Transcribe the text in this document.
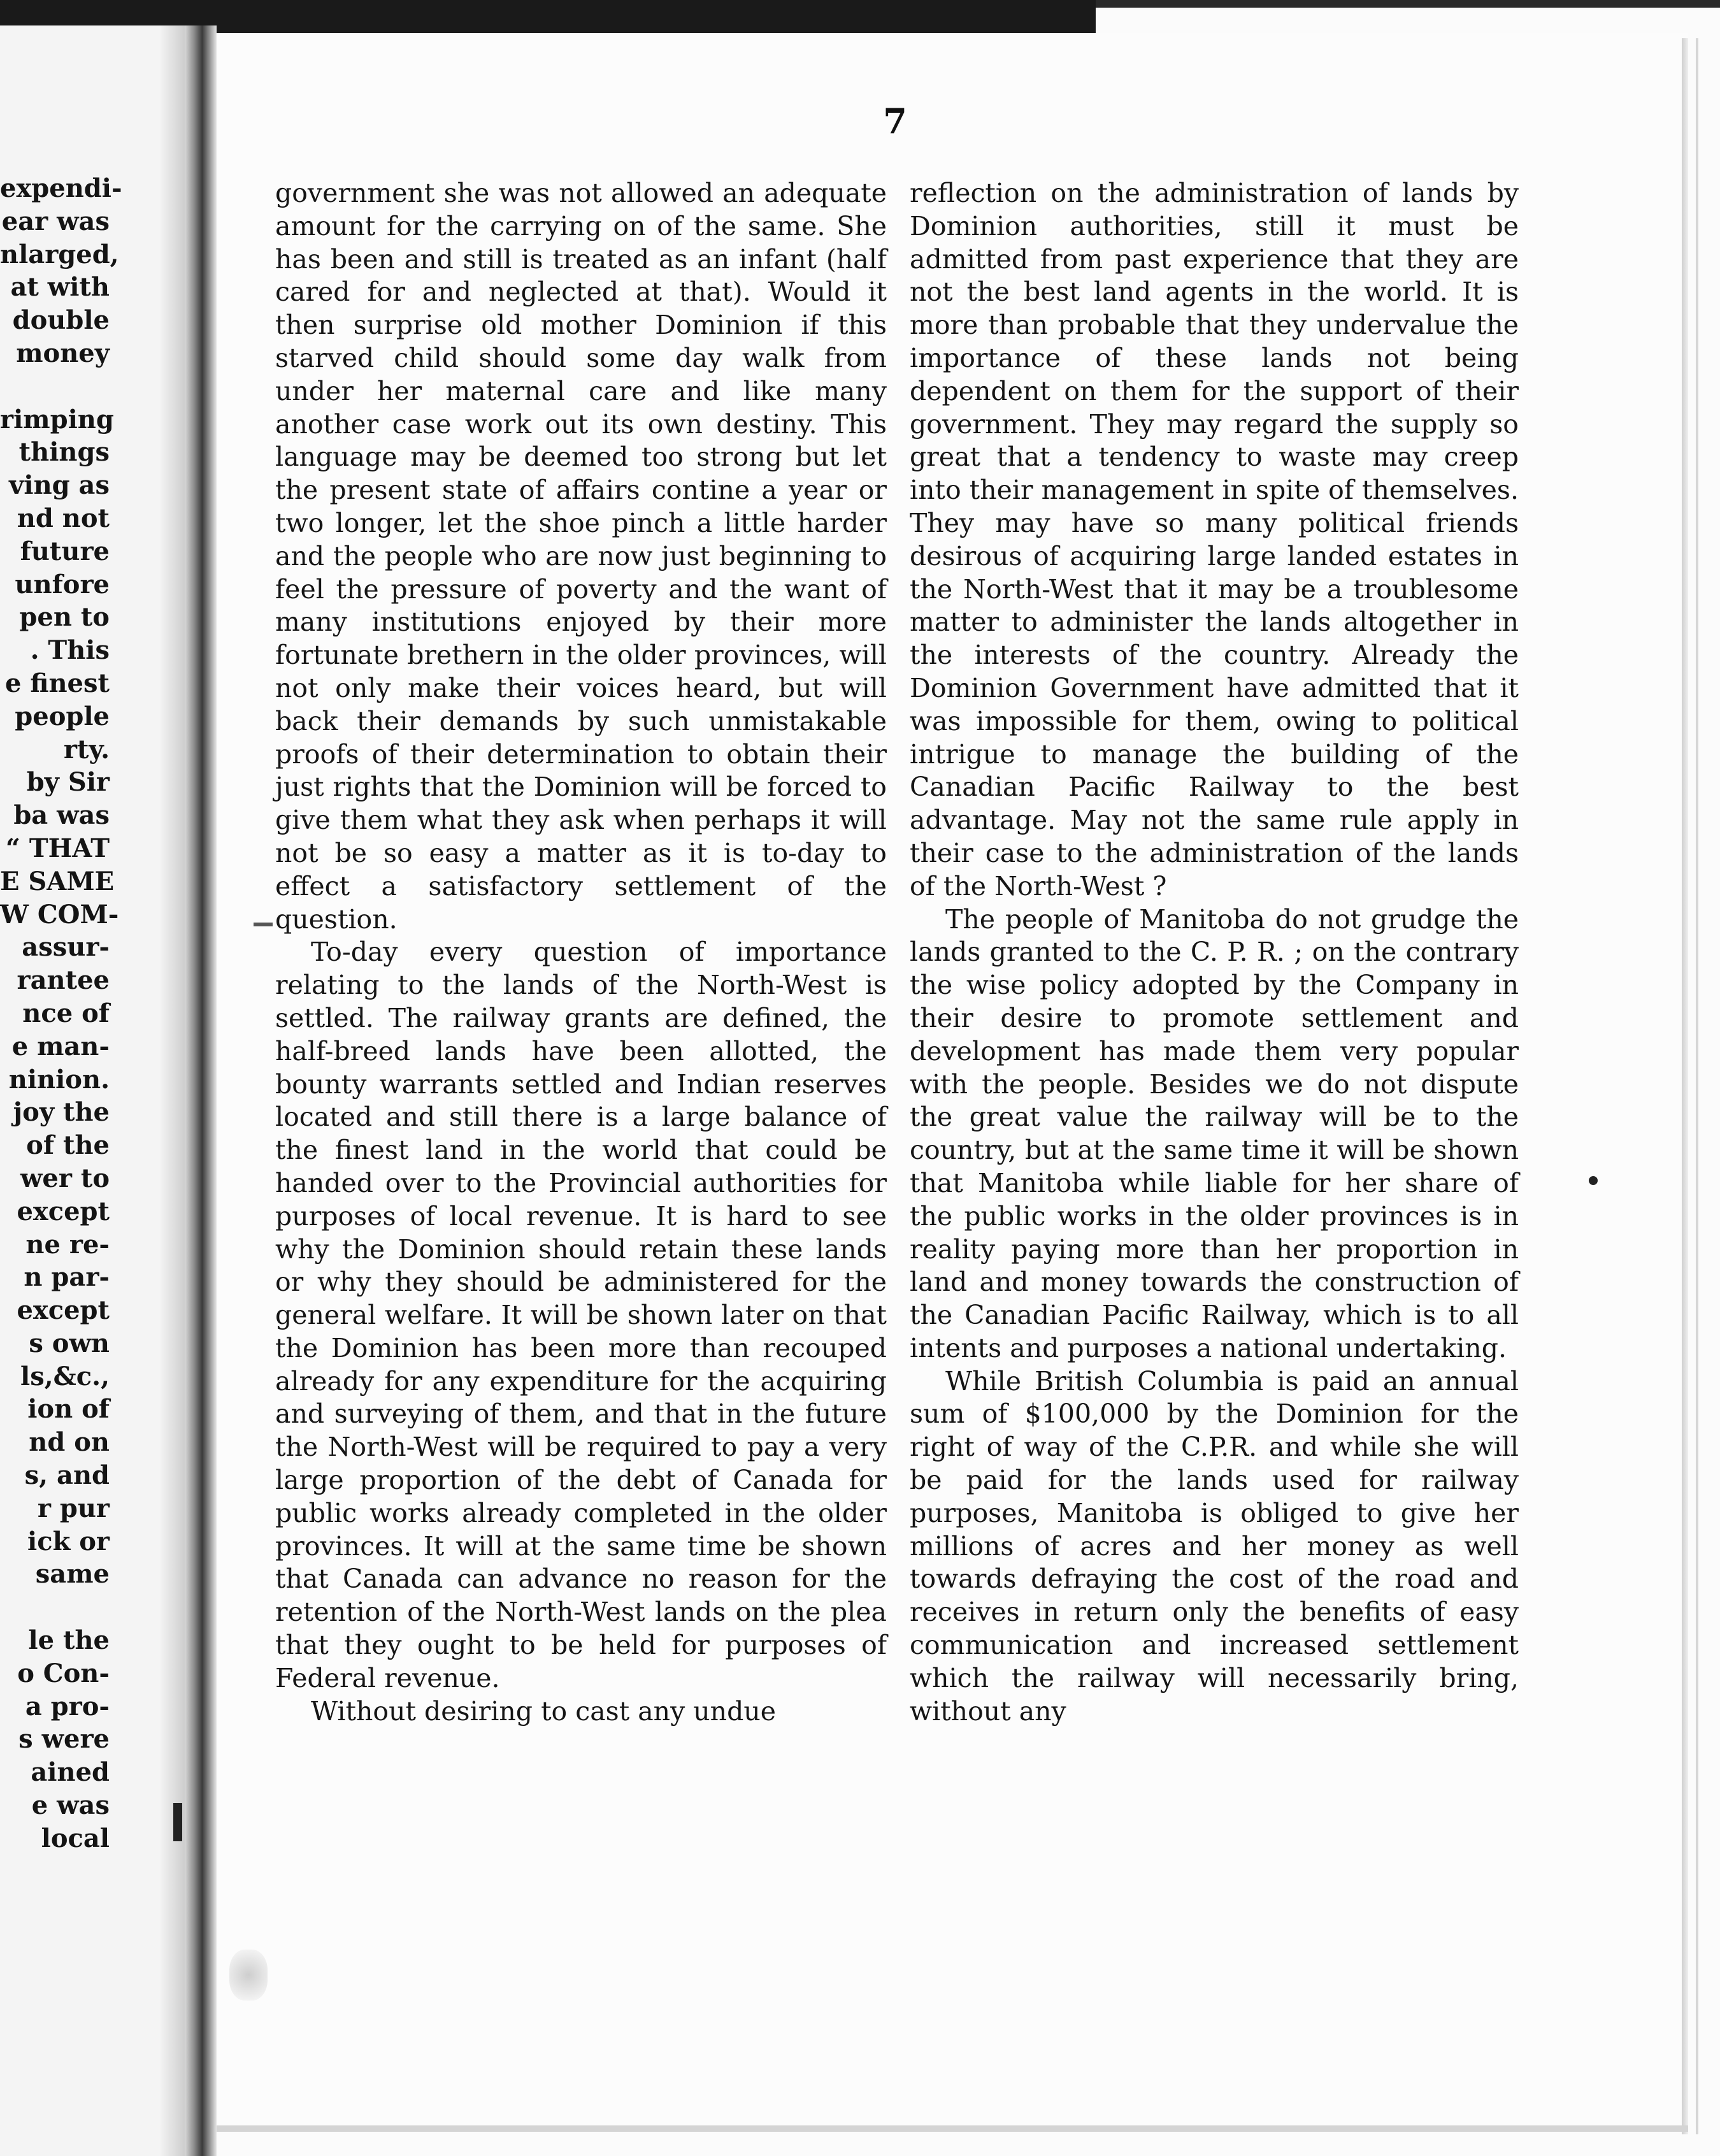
expendi-
ear was
nlarged,
at with
double
money
rimping
things
ving as
nd not
future
unfore
pen to
. This
e finest
people
rty.
by Sir
ba was
“ THAT
E SAME
W COM-
assur-
rantee
nce of
e man-
ninion.
joy the
of the
wer to
except
ne re-
n par-
except
s own
ls,&c.,
ion of
nd on
s, and
r pur
ick or
same
le the
o Con-
a pro-
s were
ained
e was
local
7

government she was not allowed an adequate amount for the carrying on of the same. She has been and still is treated as an infant (half cared for and neglected at that). Would it then surprise old mother Dominion if this starved child should some day walk from under her maternal care and like many another case work out its own destiny. This language may be deemed too strong but let the present state of affairs contine a year or two longer, let the shoe pinch a little harder and the people who are now just beginning to feel the pressure of poverty and the want of many institutions enjoyed by their more fortunate brethern in the older provinces, will not only make their voices heard, but will back their demands by such unmistakable proofs of their determination to obtain their just rights that the Dominion will be forced to give them what they ask when perhaps it will not be so easy a matter as it is to-day to effect a satisfactory settlement of the question.

To-day every question of importance relating to the lands of the North-West is settled. The railway grants are defined, the half-breed lands have been allotted, the bounty warrants settled and Indian reserves located and still there is a large balance of the finest land in the world that could be handed over to the Provincial authorities for purposes of local revenue. It is hard to see why the Dominion should retain these lands or why they should be administered for the general welfare. It will be shown later on that the Dominion has been more than recouped already for any expenditure for the acquiring and surveying of them, and that in the future the North-West will be required to pay a very large proportion of the debt of Canada for public works already completed in the older provinces. It will at the same time be shown that Canada can advance no reason for the retention of the North-West lands on the plea that they ought to be held for purposes of Federal revenue.

Without desiring to cast any undue

reflection on the administration of lands by Dominion authorities, still it must be admitted from past experience that they are not the best land agents in the world. It is more than probable that they undervalue the importance of these lands not being dependent on them for the support of their government. They may regard the supply so great that a tendency to waste may creep into their management in spite of themselves. They may have so many political friends desirous of acquiring large landed estates in the North-West that it may be a troublesome matter to administer the lands altogether in the interests of the country. Already the Dominion Government have admitted that it was impossible for them, owing to political intrigue to manage the building of the Canadian Pacific Railway to the best advantage. May not the same rule apply in their case to the administration of the lands of the North-West ?

The people of Manitoba do not grudge the lands granted to the C. P. R. ; on the contrary the wise policy adopted by the Company in their desire to promote settlement and development has made them very popular with the people. Besides we do not dispute the great value the railway will be to the country, but at the same time it will be shown that Manitoba while liable for her share of the public works in the older provinces is in reality paying more than her proportion in land and money towards the construction of the Canadian Pacific Railway, which is to all intents and purposes a national undertaking.

While British Columbia is paid an annual sum of $100,000 by the Dominion for the right of way of the C.P.R. and while she will be paid for the lands used for railway purposes, Manitoba is obliged to give her millions of acres and her money as well towards defraying the cost of the road and receives in return only the benefits of easy communication and increased settlement which the railway will necessarily bring, without any
